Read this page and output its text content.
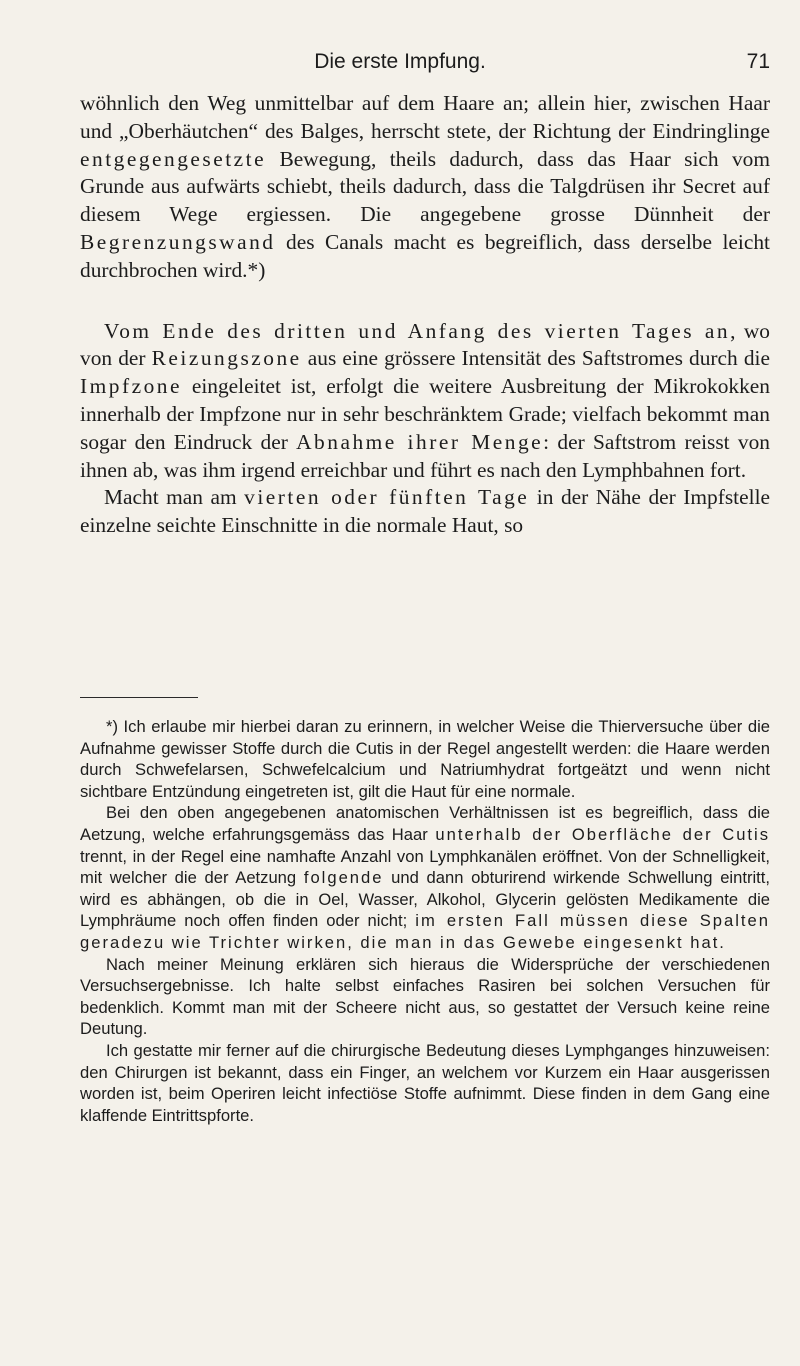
Die erste Impfung.	71

wöhnlich den Weg unmittelbar auf dem Haare an; allein hier, zwischen Haar und „Oberhäutchen“ des Balges, herrscht stete, der Richtung der Eindringlinge entgegengesetzte Bewegung, theils dadurch, dass das Haar sich vom Grunde aus aufwärts schiebt, theils dadurch, dass die Talgdrüsen ihr Secret auf diesem Wege ergiessen. Die angegebene grosse Dünnheit der Begrenzungswand des Canals macht es begreiflich, dass derselbe leicht durchbrochen wird.*)

Vom Ende des dritten und Anfang des vierten Tages an, wo von der Reizungszone aus eine grössere Intensität des Saftstromes durch die Impfzone eingeleitet ist, erfolgt die weitere Ausbreitung der Mikrokokken innerhalb der Impfzone nur in sehr beschränktem Grade; vielfach bekommt man sogar den Eindruck der Abnahme ihrer Menge: der Saftstrom reisst von ihnen ab, was ihm irgend erreichbar und führt es nach den Lymphbahnen fort.

Macht man am vierten oder fünften Tage in der Nähe der Impfstelle einzelne seichte Einschnitte in die normale Haut, so

*) Ich erlaube mir hierbei daran zu erinnern, in welcher Weise die Thierversuche über die Aufnahme gewisser Stoffe durch die Cutis in der Regel angestellt werden: die Haare werden durch Schwefelarsen, Schwefelcalcium und Natriumhydrat fortgeätzt und wenn nicht sichtbare Entzündung eingetreten ist, gilt die Haut für eine normale.

Bei den oben angegebenen anatomischen Verhältnissen ist es begreiflich, dass die Aetzung, welche erfahrungsgemäss das Haar unterhalb der Oberfläche der Cutis trennt, in der Regel eine namhafte Anzahl von Lymphkanälen eröffnet. Von der Schnelligkeit, mit welcher die der Aetzung folgende und dann obturirend wirkende Schwellung eintritt, wird es abhängen, ob die in Oel, Wasser, Alkohol, Glycerin gelösten Medikamente die Lymphräume noch offen finden oder nicht; im ersten Fall müssen diese Spalten geradezu wie Trichter wirken, die man in das Gewebe eingesenkt hat.

Nach meiner Meinung erklären sich hieraus die Widersprüche der verschiedenen Versuchsergebnisse. Ich halte selbst einfaches Rasiren bei solchen Versuchen für bedenklich. Kommt man mit der Scheere nicht aus, so gestattet der Versuch keine reine Deutung.

Ich gestatte mir ferner auf die chirurgische Bedeutung dieses Lymphganges hinzuweisen: den Chirurgen ist bekannt, dass ein Finger, an welchem vor Kurzem ein Haar ausgerissen worden ist, beim Operiren leicht infectiöse Stoffe aufnimmt. Diese finden in dem Gang eine klaffende Eintrittspforte.
